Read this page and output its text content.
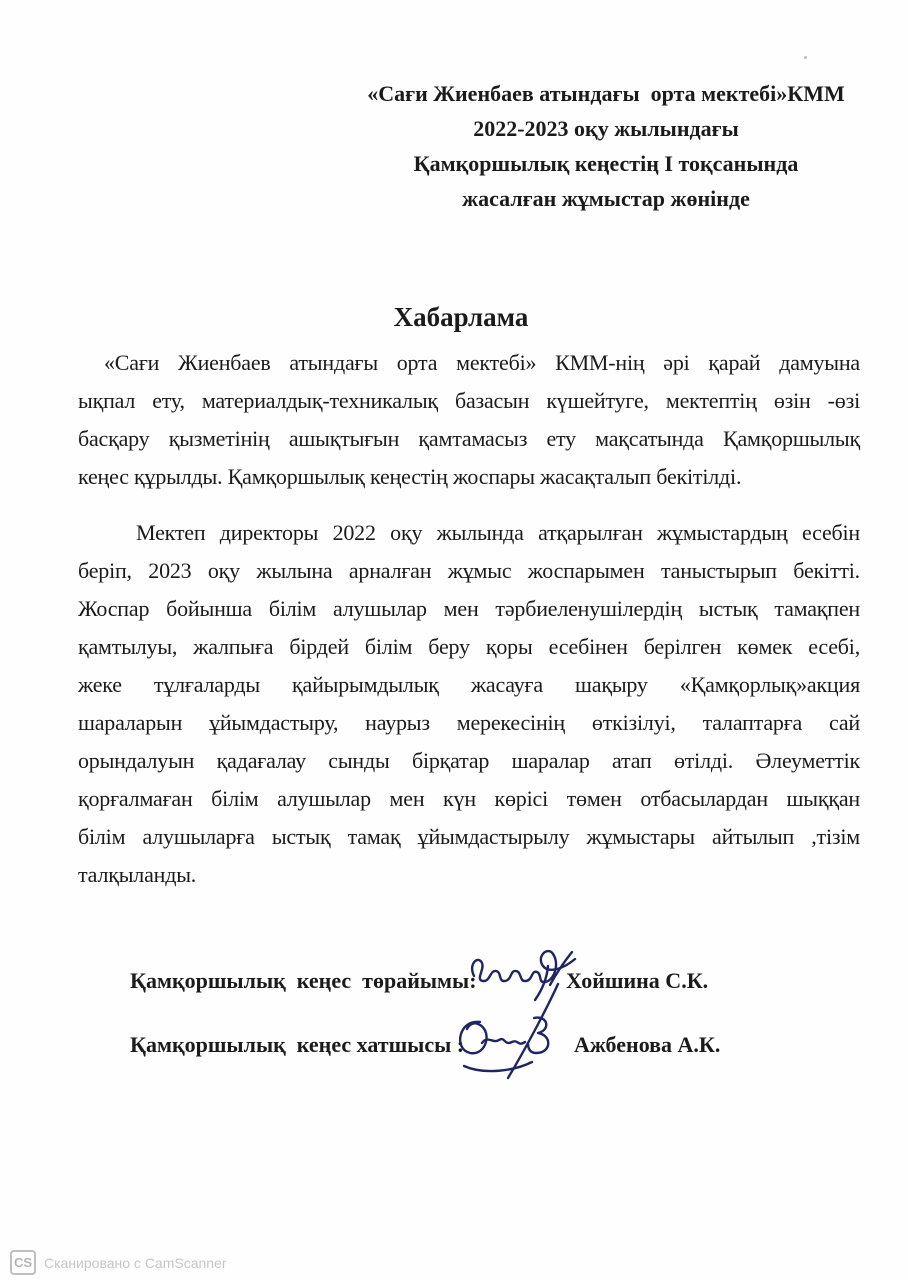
«Сағи Жиенбаев атындағы  орта мектебі»КММ
2022-2023 оқу жылындағы
Қамқоршылық кеңестің I тоқсанында
жасалған жұмыстар жөнінде
Хабарлама
«Сағи Жиенбаев атындағы орта мектебі» КММ-нің әрі қарай дамуына
ықпал ету, материалдық-техникалық базасын күшейтуге, мектептің өзін -өзі
басқару қызметінің ашықтығын қамтамасыз ету мақсатында Қамқоршылық
кеңес құрылды. Қамқоршылық кеңестің жоспары жасақталып бекітілді.
Мектеп директоры 2022 оқу жылында атқарылған жұмыстардың есебін
беріп, 2023 оқу жылына арналған жұмыс жоспарымен таныстырып бекітті.
Жоспар бойынша білім алушылар мен тәрбиеленушілердің ыстық тамақпен
қамтылуы, жалпыға бірдей білім беру қоры есебінен берілген көмек есебі,
жеке тұлғаларды қайырымдылық жасауға шақыру «Қамқорлық»акция
шараларын ұйымдастыру, наурыз мерекесінің өткізілуі, талаптарға сай
орындалуын қадағалау сынды бірқатар шаралар атап өтілді. Әлеуметтік
қорғалмаған білім алушылар мен күн көрісі төмен отбасылардан шыққан
білім алушыларға ыстық тамақ ұйымдастырылу жұмыстары айтылып ,тізім
талқыланды.
Қамқоршылық  кеңес  төрайымы:	Хойшина С.К.
Қамқоршылық  кеңес хатшысы :	Ажбенова А.К.
CS Сканировано с CamScanner
